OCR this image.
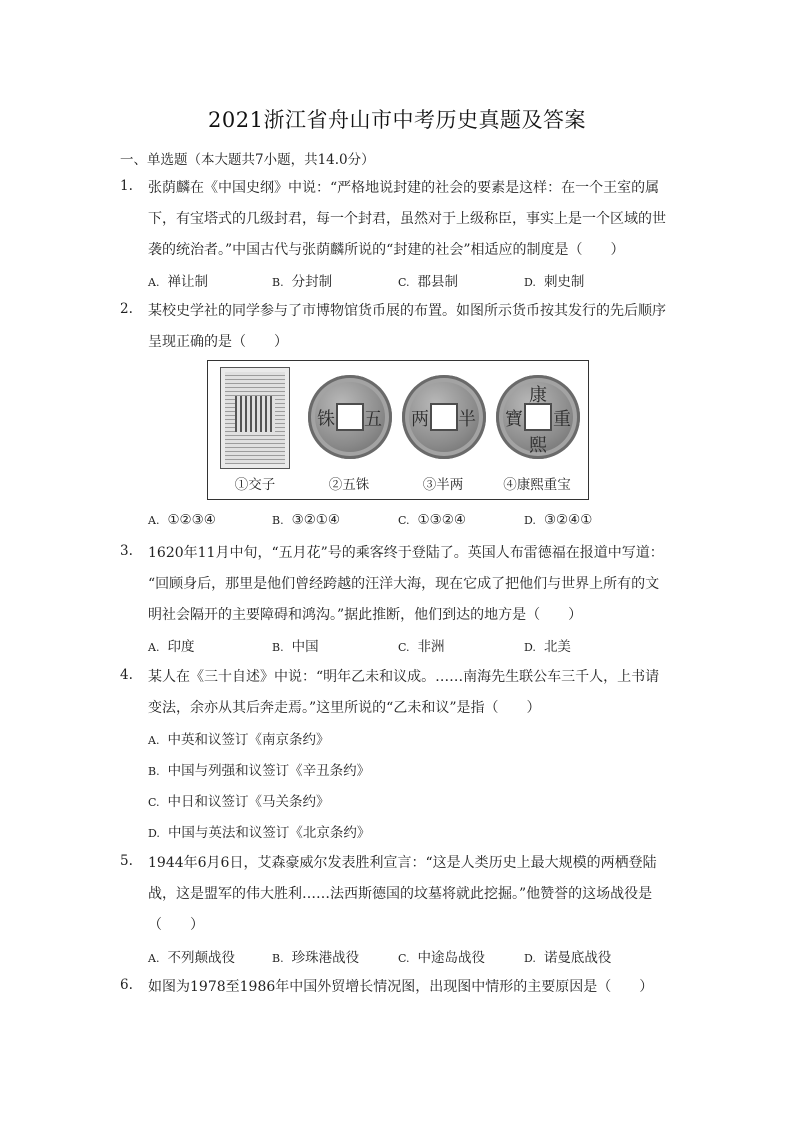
2021浙江省舟山市中考历史真题及答案
一、单选题（本大题共7小题，共14.0分）
1. 张荫麟在《中国史纲》中说：“严格地说封建的社会的要素是这样：在一个王室的属
下，有宝塔式的几级封君，每一个封君，虽然对于上级称臣，事实上是一个区域的世
袭的统治者。”中国古代与张荫麟所说的“封建的社会”相适应的制度是（　　）
A. 禅让制	B. 分封制	C. 郡县制	D. 刺史制
2. 某校史学社的同学参与了市博物馆货币展的布置。如图所示货币按其发行的先后顺序
呈现正确的是（　　）
①交子
五
铢
②五铢
半
两
③半两
康
熙
重
寶
④康熙重宝
A. ①②③④	B. ③②①④	C. ①③②④	D. ③②④①
3. 1620年11月中旬，“五月花”号的乘客终于登陆了。英国人布雷德福在报道中写道：
“回顾身后，那里是他们曾经跨越的汪洋大海，现在它成了把他们与世界上所有的文
明社会隔开的主要障碍和鸿沟。”据此推断，他们到达的地方是（　　）
A. 印度	B. 中国	C. 非洲	D. 北美
4. 某人在《三十自述》中说：“明年乙未和议成。……南海先生联公车三千人，上书请
变法，余亦从其后奔走焉。”这里所说的“乙未和议”是指（　　）
A. 中英和议签订《南京条约》
B. 中国与列强和议签订《辛丑条约》
C. 中日和议签订《马关条约》
D. 中国与英法和议签订《北京条约》
5. 1944年6月6日，艾森豪威尔发表胜利宣言：“这是人类历史上最大规模的两栖登陆
战，这是盟军的伟大胜利……法西斯德国的坟墓将就此挖掘。”他赞誉的这场战役是
（　　）
A. 不列颠战役	B. 珍珠港战役	C. 中途岛战役	D. 诺曼底战役
6. 如图为1978至1986年中国外贸增长情况图，出现图中情形的主要原因是（　　）
